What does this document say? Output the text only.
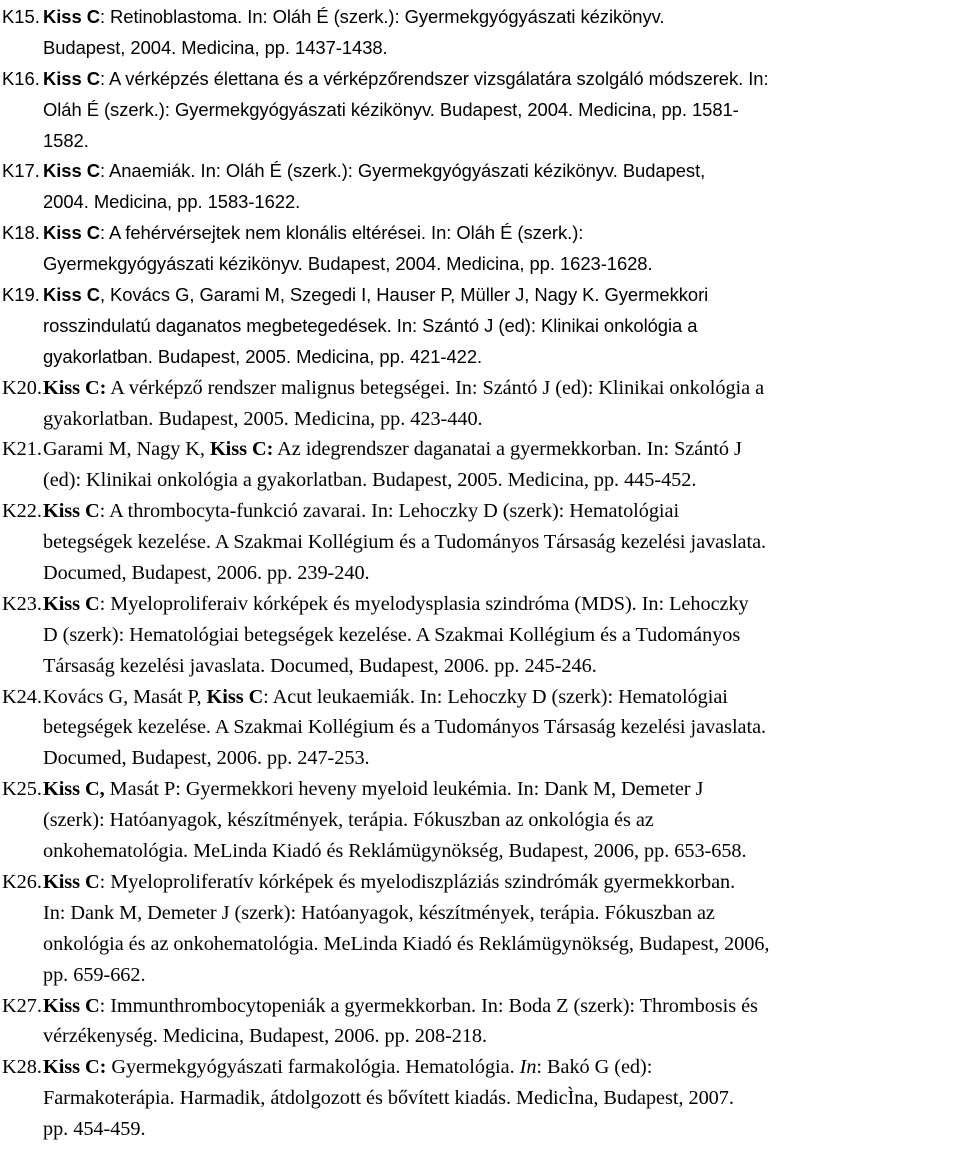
K15. Kiss C: Retinoblastoma. In: Oláh É (szerk.): Gyermekgyógyászati kézikönyv.
Budapest, 2004. Medicina, pp. 1437-1438.
K16. Kiss C: A vérképzés élettana és a vérképzőrendszer vizsgálatára szolgáló módszerek. In:
Oláh É (szerk.): Gyermekgyógyászati kézikönyv. Budapest, 2004. Medicina, pp. 1581-
1582.
K17. Kiss C: Anaemiák. In: Oláh É (szerk.): Gyermekgyógyászati kézikönyv. Budapest,
2004. Medicina, pp. 1583-1622.
K18. Kiss C: A fehérvérsejtek nem klonális eltérései. In: Oláh É (szerk.):
Gyermekgyógyászati kézikönyv. Budapest, 2004. Medicina, pp. 1623-1628.
K19. Kiss C, Kovács G, Garami M, Szegedi I, Hauser P, Müller J, Nagy K. Gyermekkori
rosszindulatú daganatos megbetegedések. In: Szántó J (ed): Klinikai onkológia a
gyakorlatban. Budapest, 2005. Medicina, pp. 421-422.
K20. Kiss C: A vérképző rendszer malignus betegségei. In: Szántó J (ed): Klinikai onkológia a
gyakorlatban. Budapest, 2005. Medicina, pp. 423-440.
K21. Garami M, Nagy K, Kiss C: Az idegrendszer daganatai a gyermekkorban. In: Szántó J
(ed): Klinikai onkológia a gyakorlatban. Budapest, 2005. Medicina, pp. 445-452.
K22. Kiss C: A thrombocyta-funkció zavarai. In: Lehoczky D (szerk): Hematológiai
betegségek kezelése. A Szakmai Kollégium és a Tudományos Társaság kezelési javaslata.
Documed, Budapest, 2006. pp. 239-240.
K23. Kiss C: Myeloproliferaiv kórképek és myelodysplasia szindróma (MDS). In: Lehoczky
D (szerk): Hematológiai betegségek kezelése. A Szakmai Kollégium és a Tudományos
Társaság kezelési javaslata. Documed, Budapest, 2006. pp. 245-246.
K24. Kovács G, Masát P, Kiss C: Acut leukaemiák. In: Lehoczky D (szerk): Hematológiai
betegségek kezelése. A Szakmai Kollégium és a Tudományos Társaság kezelési javaslata.
Documed, Budapest, 2006. pp. 247-253.
K25. Kiss C, Masát P: Gyermekkori heveny myeloid leukémia. In: Dank M, Demeter J
(szerk): Hatóanyagok, készítmények, terápia. Fókuszban az onkológia és az
onkohematológia. MeLinda Kiadó és Reklámügynökség, Budapest, 2006, pp. 653-658.
K26. Kiss C: Myeloproliferatív kórképek és myelodiszpláziás szindrómák gyermekkorban.
In: Dank M, Demeter J (szerk): Hatóanyagok, készítmények, terápia. Fókuszban az
onkológia és az onkohematológia. MeLinda Kiadó és Reklámügynökség, Budapest, 2006,
pp. 659-662.
K27. Kiss C: Immunthrombocytopeniák a gyermekkorban. In: Boda Z (szerk): Thrombosis és
vérzékenység. Medicina, Budapest, 2006. pp. 208-218.
K28. Kiss C: Gyermekgyógyászati farmakológia. Hematológia. In: Bakó G (ed):
Farmakoterápia. Harmadik, átdolgozott és bővített kiadás. MedicÌna, Budapest, 2007.
pp. 454-459.
